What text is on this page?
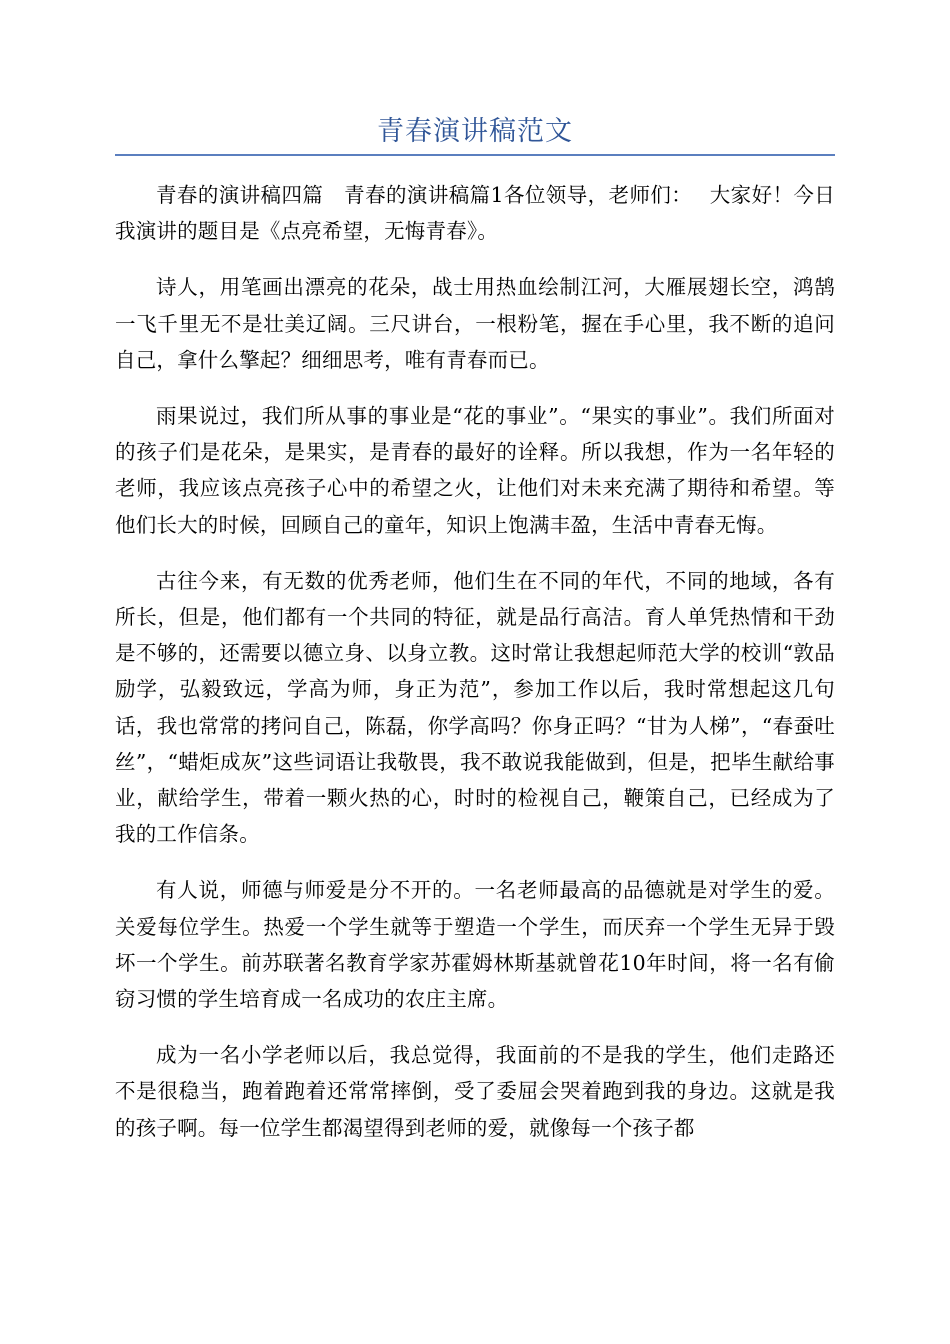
青春演讲稿范文

青春的演讲稿四篇　青春的演讲稿篇1各位领导，老师们：　 大家好！今日我演讲的题目是《点亮希望，无悔青春》。

诗人，用笔画出漂亮的花朵，战士用热血绘制江河，大雁展翅长空，鸿鹄一飞千里无不是壮美辽阔。三尺讲台，一根粉笔，握在手心里，我不断的追问自己，拿什么擎起？细细思考，唯有青春而已。

雨果说过，我们所从事的事业是“花的事业”。“果实的事业”。我们所面对的孩子们是花朵，是果实，是青春的最好的诠释。所以我想，作为一名年轻的老师，我应该点亮孩子心中的希望之火，让他们对未来充满了期待和希望。等他们长大的时候，回顾自己的童年，知识上饱满丰盈，生活中青春无悔。

古往今来，有无数的优秀老师，他们生在不同的年代，不同的地域，各有所长，但是，他们都有一个共同的特征，就是品行高洁。育人单凭热情和干劲是不够的，还需要以德立身、以身立教。这时常让我想起师范大学的校训“敦品励学，弘毅致远，学高为师，身正为范”，参加工作以后，我时常想起这几句话，我也常常的拷问自己，陈磊，你学高吗？你身正吗？“甘为人梯”，“春蚕吐丝”，“蜡炬成灰”这些词语让我敬畏，我不敢说我能做到，但是，把毕生献给事业，献给学生，带着一颗火热的心，时时的检视自己，鞭策自己，已经成为了我的工作信条。

有人说，师德与师爱是分不开的。一名老师最高的品德就是对学生的爱。关爱每位学生。热爱一个学生就等于塑造一个学生，而厌弃一个学生无异于毁坏一个学生。前苏联著名教育学家苏霍姆林斯基就曾花10年时间，将一名有偷窃习惯的学生培育成一名成功的农庄主席。

成为一名小学老师以后，我总觉得，我面前的不是我的学生，他们走路还不是很稳当，跑着跑着还常常摔倒，受了委屈会哭着跑到我的身边。这就是我的孩子啊。每一位学生都渴望得到老师的爱，就像每一个孩子都
